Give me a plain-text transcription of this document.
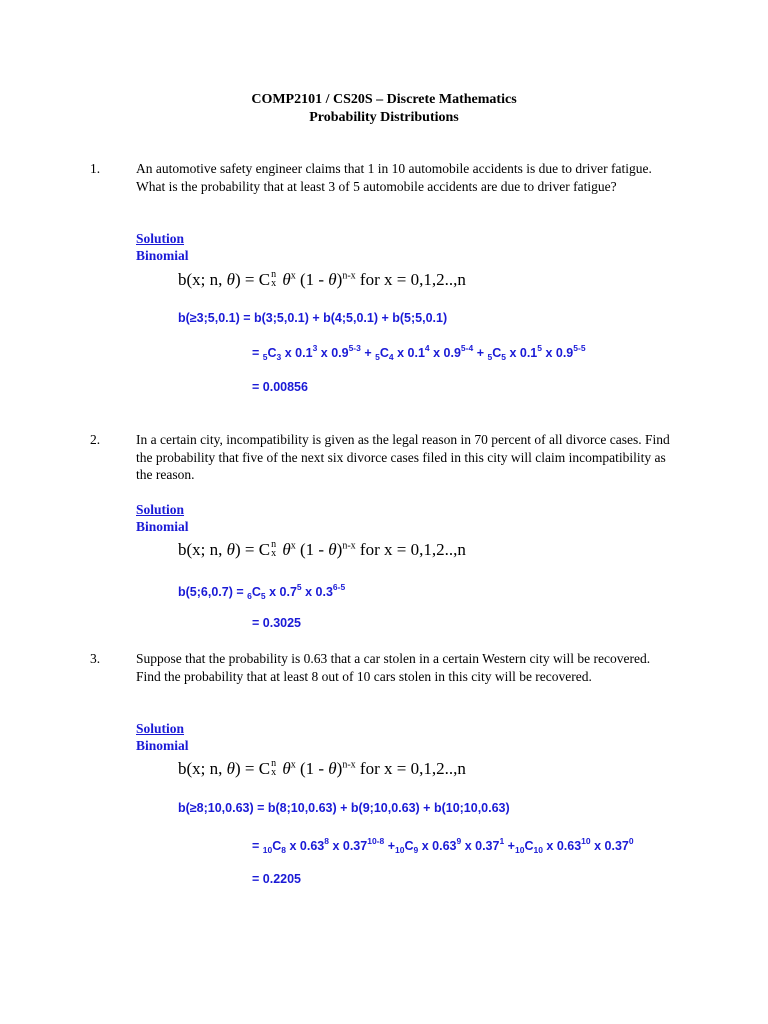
COMP2101 / CS20S – Discrete Mathematics
Probability Distributions
1.	An automotive safety engineer claims that 1 in 10 automobile accidents is due to driver fatigue. What is the probability that at least 3 of 5 automobile accidents are due to driver fatigue?
Solution
Binomial
b(x; n, θ) = Cn
x $\theta^x$ (1 - θ)$^{n-x}$ for x = 0,1,2..,n
b(≥3;5,0.1) = b(3;5,0.1) + b(4;5,0.1) + b(5;5,0.1)
= $_5C_3$ x $0.1^3$ x $0.9^{5-3} + _5C_4$ x $0.1^4$ x $0.9^{5-4} + _5C_5$ x $0.1^5$ x $0.9^{5-5}$
= 0.00856
2.	In a certain city, incompatibility is given as the legal reason in 70 percent of all divorce cases. Find the probability that five of the next six divorce cases filed in this city will claim incompatibility as the reason.
Solution
Binomial
b(x; n, θ) = Cn
x $\theta^x$ (1 - θ)$^{n-x}$ for x = 0,1,2..,n
b(5;6,0.7) = $_6C_5$ x $0.7^5$ x $0.3^{6-5}$
= 0.3025
3.	Suppose that the probability is 0.63 that a car stolen in a certain Western city will be recovered. Find the probability that at least 8 out of 10 cars stolen in this city will be recovered.
Solution
Binomial
b(x; n, θ) = Cn
x $\theta^x$ (1 - θ)$^{n-x}$ for x = 0,1,2..,n
b(≥8;10,0.63) = b(8;10,0.63) + b(9;10,0.63) + b(10;10,0.63)
= $_{10}C_8$ x 0.63$^8$ x $0.37^{10-8} +_{10}C_9$ x 0.63$^9$ x $0.37^1 +_{10}C_{10}$ x 0.63$^{10}$ x $0.37^0$
= 0.2205
